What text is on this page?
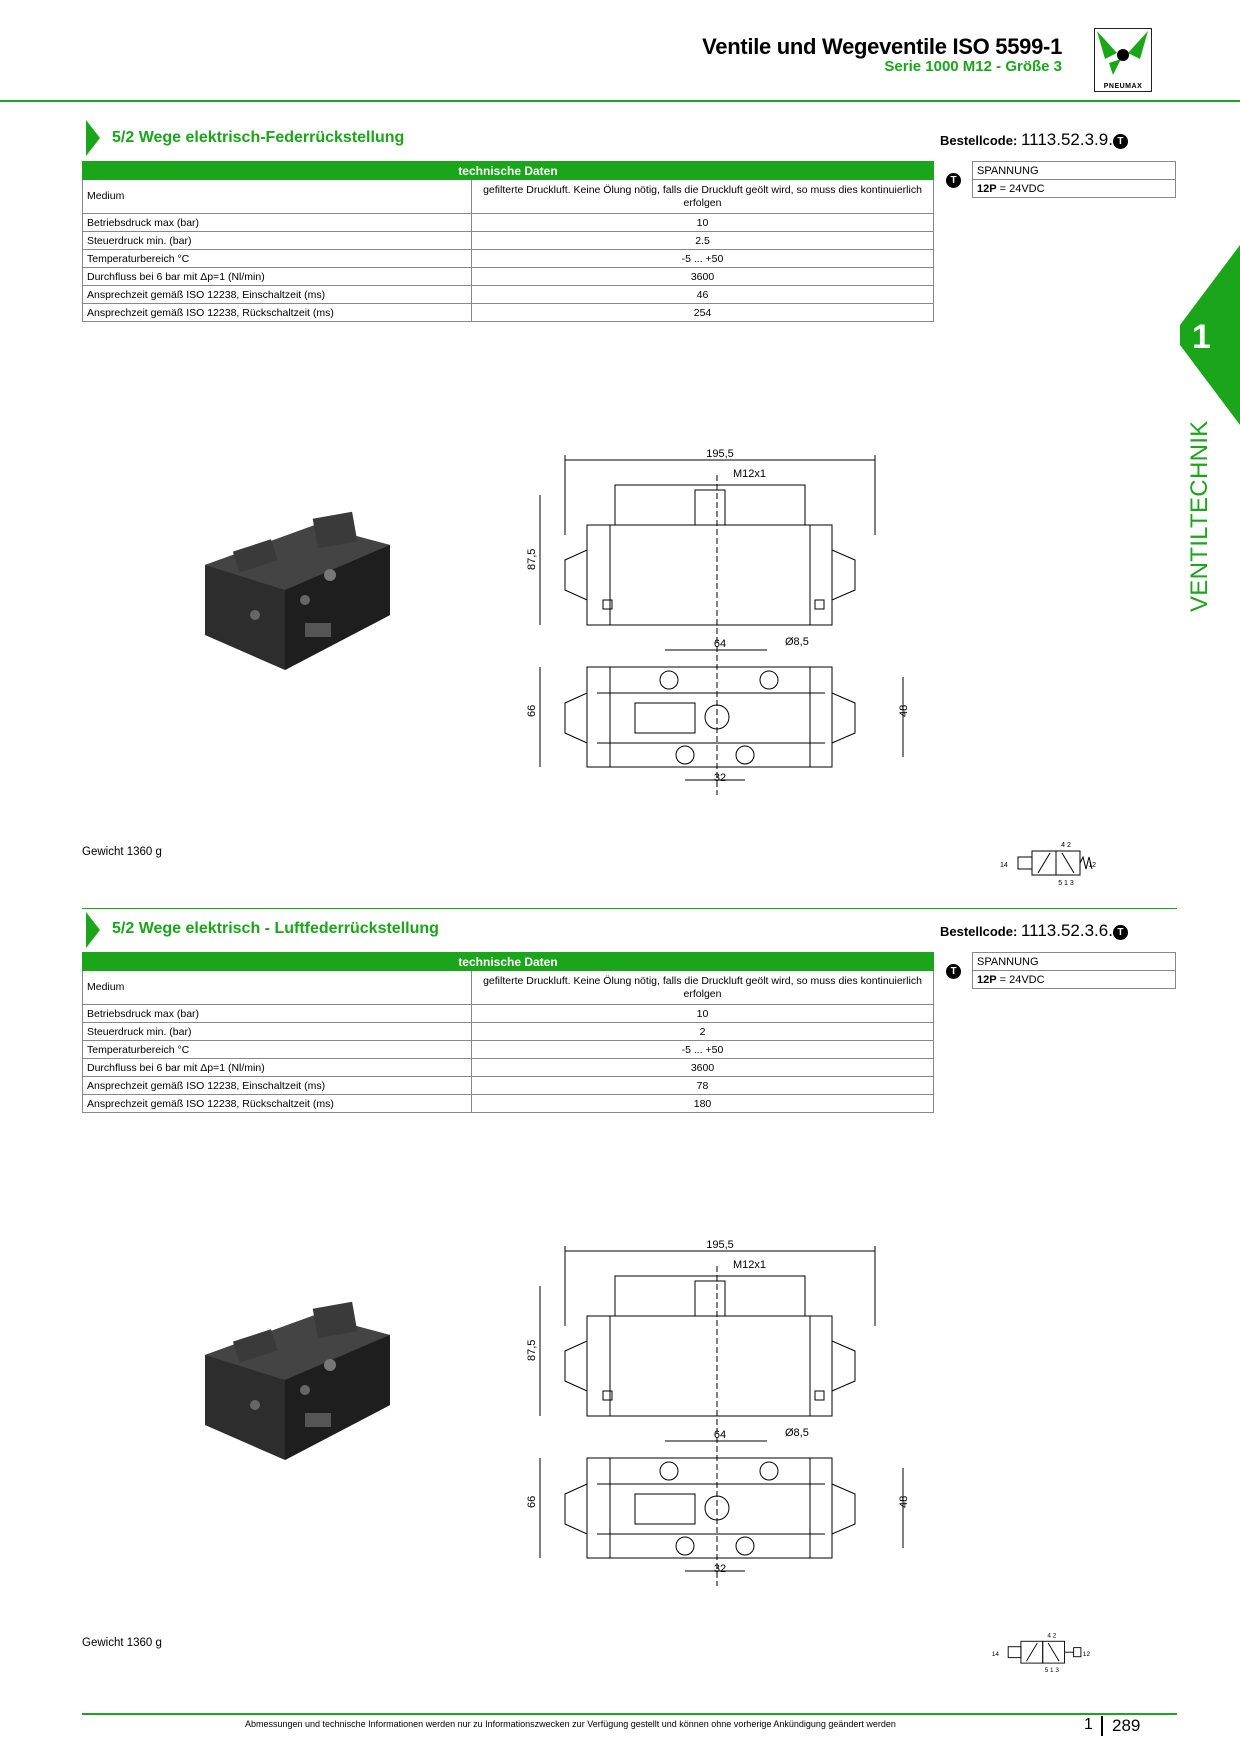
Ventile und Wegeventile ISO 5599-1
Serie 1000 M12 - Größe 3
PNEUMAX
1
VENTILTECHNIK
5/2 Wege elektrisch-Federrückstellung	Bestellcode: 1113.52.3.9. T
technische Daten	
Medium	gefilterte Druckluft. Keine Ölung nötig, falls die Druckluft geölt wird, so muss dies kontinuierlich erfolgen
Betriebsdruck max (bar)	10
Steuerdruck min. (bar)	2.5
Temperaturbereich °C	-5 ... +50
Durchfluss bei 6 bar mit Δp=1 (Nl/min)	3600
Ansprechzeit gemäß ISO 12238, Einschaltzeit (ms)	46
Ansprechzeit gemäß ISO 12238, Rückschaltzeit (ms)	254
T
SPANNUNG
12P = 24VDC
195,5
M12x1
87,5
64	Ø8,5
66	48
32
Gewicht 1360 g
14	12
4 2
5 1 3
5/2 Wege elektrisch - Luftfederrückstellung	Bestellcode: 1113.52.3.6. T
technische Daten	
Medium	gefilterte Druckluft. Keine Ölung nötig, falls die Druckluft geölt wird, so muss dies kontinuierlich erfolgen
Betriebsdruck max (bar)	10
Steuerdruck min. (bar)	2
Temperaturbereich °C	-5 ... +50
Durchfluss bei 6 bar mit Δp=1 (Nl/min)	3600
Ansprechzeit gemäß ISO 12238, Einschaltzeit (ms)	78
Ansprechzeit gemäß ISO 12238, Rückschaltzeit (ms)	180
T
SPANNUNG
12P = 24VDC
195,5
M12x1
87,5
64	Ø8,5
66	48
32
Gewicht 1360 g
14	12
4 2
5 1 3
Abmessungen und technische Informationen werden nur zu Informationszwecken zur Verfügung gestellt und können ohne vorherige Ankündigung geändert werden	1 289
